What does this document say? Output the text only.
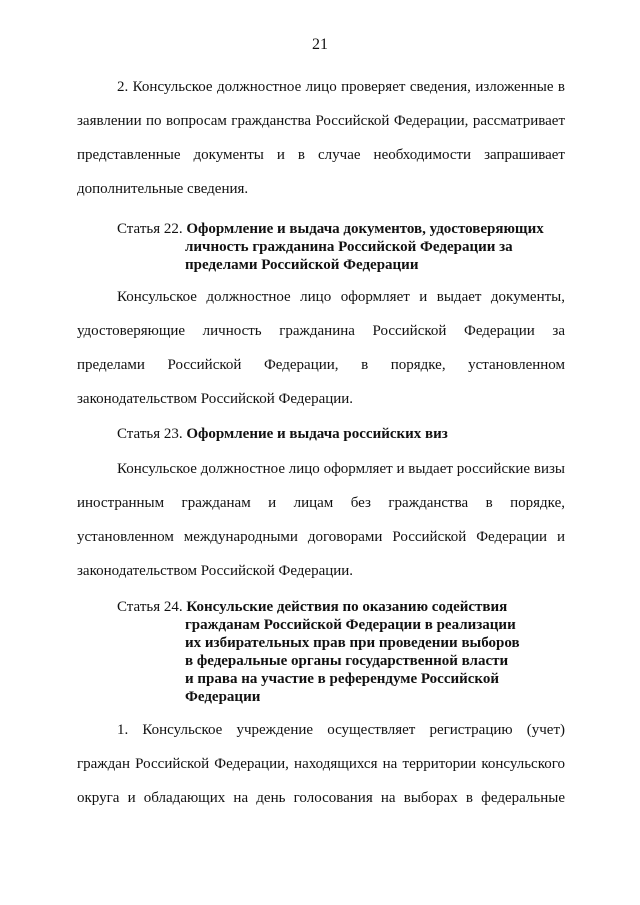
21
2. Консульское должностное лицо проверяет сведения, изложенные в
заявлении по вопросам гражданства Российской Федерации, рассматривает
представленные документы и в случае необходимости запрашивает
дополнительные сведения.
Статья 22. Оформление и выдача документов, удостоверяющих
личность гражданина Российской Федерации за
пределами Российской Федерации
Консульское должностное лицо оформляет и выдает документы,
удостоверяющие личность гражданина Российской Федерации за
пределами Российской Федерации, в порядке, установленном
законодательством Российской Федерации.
Статья 23. Оформление и выдача российских виз
Консульское должностное лицо оформляет и выдает российские визы
иностранным гражданам и лицам без гражданства в порядке,
установленном международными договорами Российской Федерации и
законодательством Российской Федерации.
Статья 24. Консульские действия по оказанию содействия
гражданам Российской Федерации в реализации
их избирательных прав при проведении выборов
в федеральные органы государственной власти
и права на участие в референдуме Российской
Федерации
1. Консульское учреждение осуществляет регистрацию (учет)
граждан Российской Федерации, находящихся на территории консульского
округа и обладающих на день голосования на выборах в федеральные
